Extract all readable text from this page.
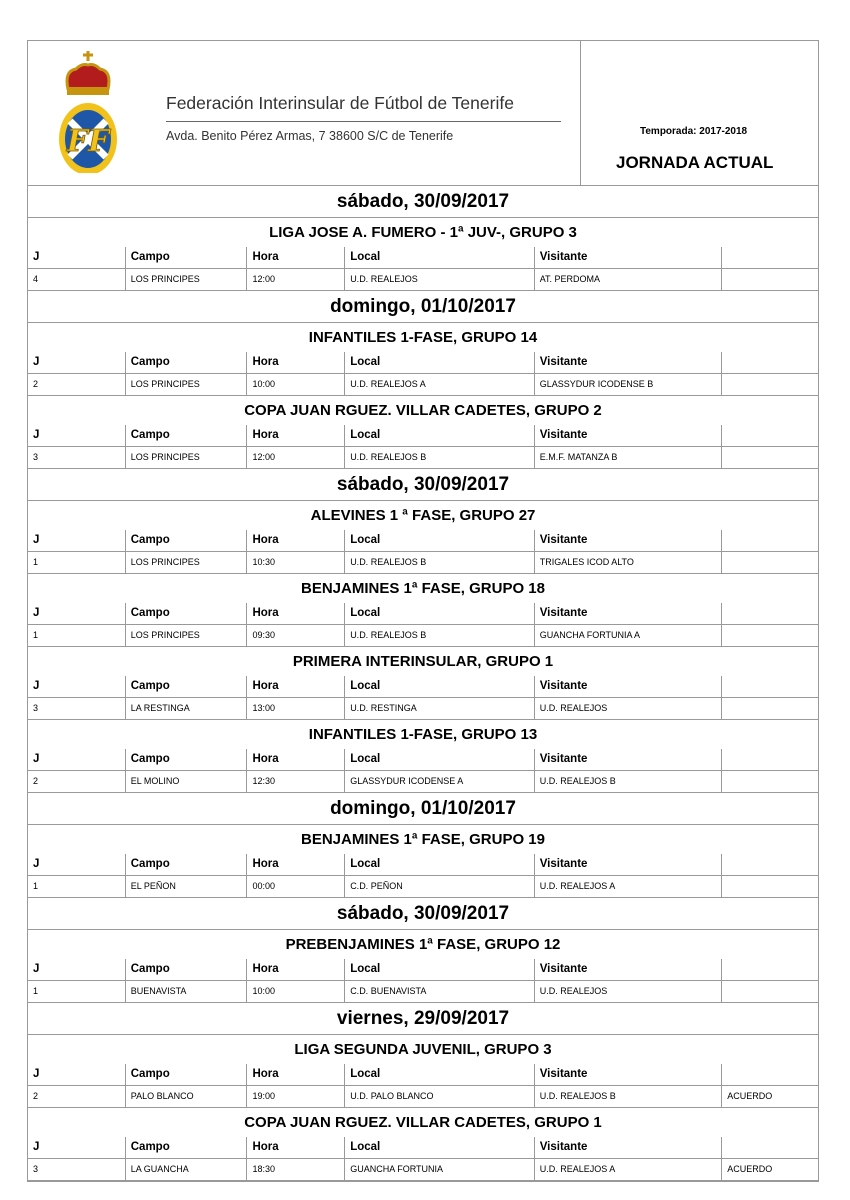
FF
Federación Interinsular de Fútbol de Tenerife
Avda. Benito Pérez Armas, 7 38600 S/C de Tenerife	Temporada: 2017-2018
JORNADA ACTUAL
sábado, 30/09/2017
LIGA JOSE A. FUMERO - 1ª JUV-, GRUPO 3
J	Campo	Hora	Local	Visitante
4	LOS PRINCIPES	12:00	U.D. REALEJOS	AT. PERDOMA
domingo, 01/10/2017
INFANTILES 1-FASE, GRUPO 14
J	Campo	Hora	Local	Visitante
2	LOS PRINCIPES	10:00	U.D. REALEJOS A	GLASSYDUR ICODENSE B
COPA JUAN RGUEZ. VILLAR CADETES, GRUPO 2
J	Campo	Hora	Local	Visitante
3	LOS PRINCIPES	12:00	U.D. REALEJOS B	E.M.F. MATANZA B
sábado, 30/09/2017
ALEVINES 1 ª FASE, GRUPO 27
J	Campo	Hora	Local	Visitante
1	LOS PRINCIPES	10:30	U.D. REALEJOS B	TRIGALES ICOD ALTO
BENJAMINES 1ª FASE, GRUPO 18
J	Campo	Hora	Local	Visitante
1	LOS PRINCIPES	09:30	U.D. REALEJOS B	GUANCHA FORTUNIA A
PRIMERA INTERINSULAR, GRUPO 1
J	Campo	Hora	Local	Visitante
3	LA RESTINGA	13:00	U.D. RESTINGA	U.D. REALEJOS
INFANTILES 1-FASE, GRUPO 13
J	Campo	Hora	Local	Visitante
2	EL MOLINO	12:30	GLASSYDUR ICODENSE A	U.D. REALEJOS B
domingo, 01/10/2017
BENJAMINES 1ª FASE, GRUPO 19
J	Campo	Hora	Local	Visitante
1	EL PEÑON	00:00	C.D. PEÑON	U.D. REALEJOS A
sábado, 30/09/2017
PREBENJAMINES 1ª FASE, GRUPO 12
J	Campo	Hora	Local	Visitante
1	BUENAVISTA	10:00	C.D. BUENAVISTA	U.D. REALEJOS
viernes, 29/09/2017
LIGA SEGUNDA JUVENIL, GRUPO 3
J	Campo	Hora	Local	Visitante
2	PALO BLANCO	19:00	U.D. PALO BLANCO	U.D. REALEJOS B	ACUERDO
COPA JUAN RGUEZ. VILLAR CADETES, GRUPO 1
J	Campo	Hora	Local	Visitante
3	LA GUANCHA	18:30	GUANCHA FORTUNIA	U.D. REALEJOS A	ACUERDO
